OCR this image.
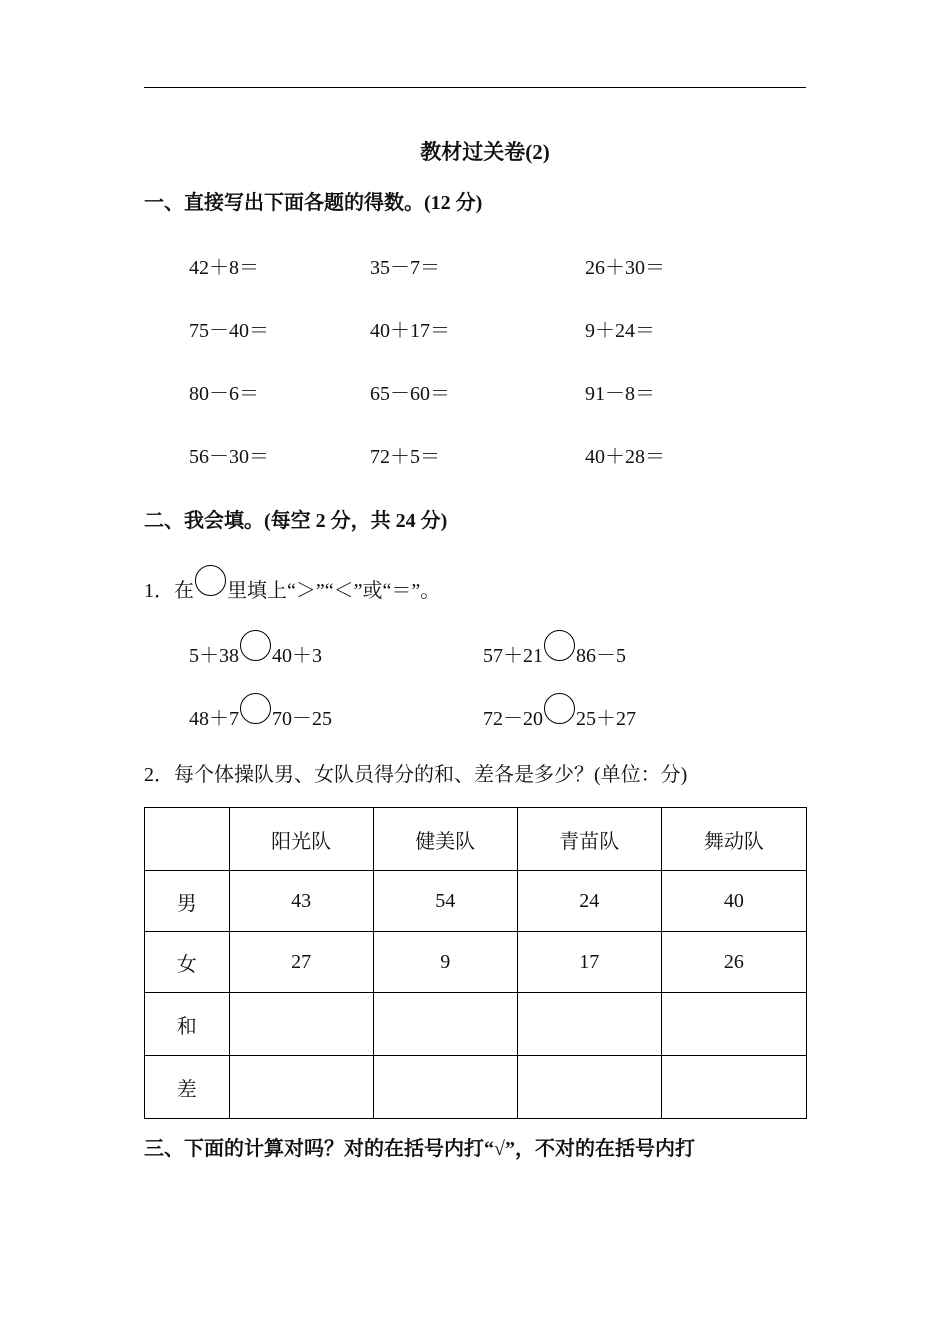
教材过关卷(2)
一、直接写出下面各题的得数。(12 分)
42＋8＝	35－7＝	26＋30＝
75－40＝	40＋17＝	9＋24＝
80－6＝	65－60＝	91－8＝
56－30＝	72＋5＝	40＋28＝
二、我会填。(每空 2 分，共 24 分)
1．在 里填上“＞”“＜”或“＝”。
5＋38 40＋3	57＋21 86－5
48＋7 70－25	72－20 25＋27
2．每个体操队男、女队员得分的和、差各是多少？(单位：分)
	阳光队	健美队	青苗队	舞动队
男	43	54	24	40
女	27	9	17	26
和				
差				
三、下面的计算对吗？对的在括号内打“√”，不对的在括号内打
